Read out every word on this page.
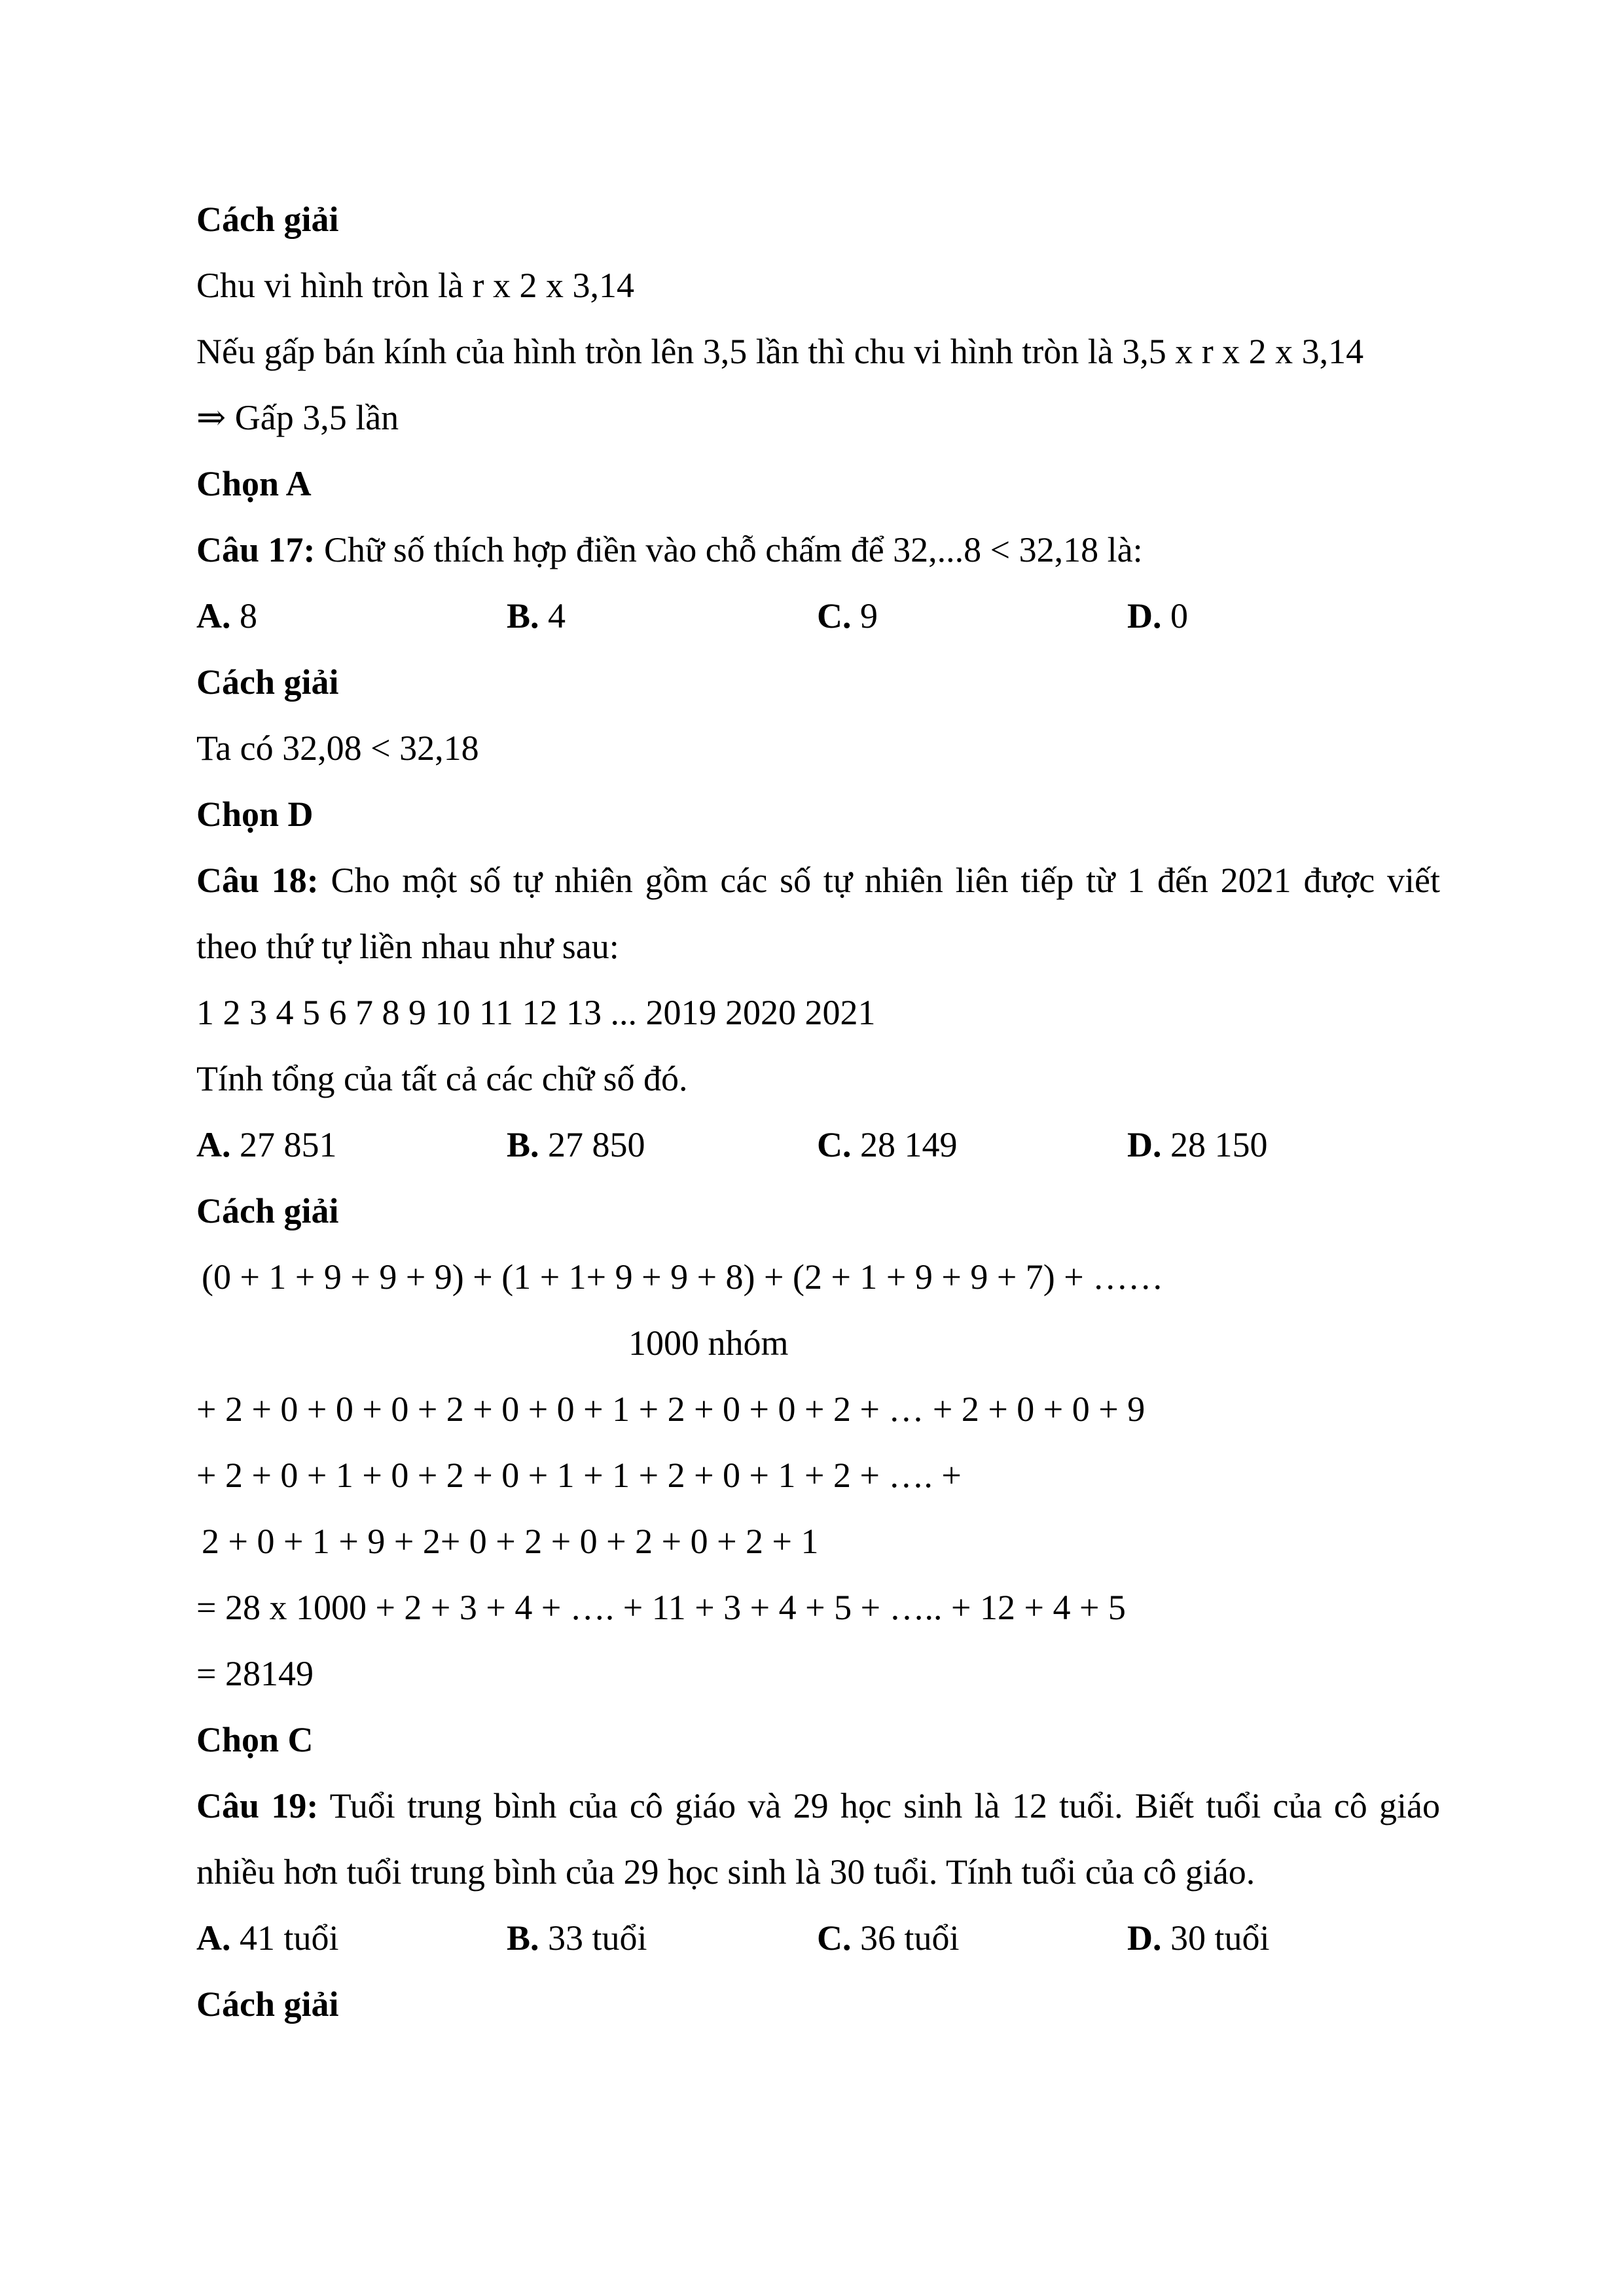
Cách giải
Chu vi hình tròn là r x 2 x 3,14
Nếu gấp bán kính của hình tròn lên 3,5 lần thì chu vi hình tròn là 3,5 x r x 2 x 3,14
⇒ Gấp 3,5 lần
Chọn A
Câu 17: Chữ số thích hợp điền vào chỗ chấm để 32,...8 < 32,18 là:
A. 8	B. 4	C. 9	D. 0
Cách giải
Ta có 32,08 < 32,18
Chọn D
Câu 18: Cho một số tự nhiên gồm các số tự nhiên liên tiếp từ 1 đến 2021 được viết theo thứ tự liền nhau như sau:
1 2 3 4 5 6 7 8 9 10 11 12 13 ... 2019 2020 2021
Tính tổng của tất cả các chữ số đó.
A. 27 851	B. 27 850	C. 28 149	D. 28 150
Cách giải
(0 + 1 + 9 + 9 + 9) + (1 + 1+ 9 + 9 + 8) + (2 + 1 + 9 + 9 + 7) + ……
1000 nhóm
+ 2 + 0 + 0 + 0 + 2 + 0 + 0 + 1 + 2 + 0 + 0 + 2 + … + 2 + 0 + 0 + 9
+ 2 + 0 + 1 + 0 + 2 + 0 + 1 + 1 + 2 + 0 + 1 + 2 + …. +
2 + 0 + 1 + 9 + 2+ 0 + 2 + 0 + 2 + 0 + 2 + 1
= 28 x 1000 + 2 + 3 + 4 + …. + 11 + 3 + 4 + 5 + ….. + 12 + 4 + 5
= 28149
Chọn C
Câu 19: Tuổi trung bình của cô giáo và 29 học sinh là 12 tuổi. Biết tuổi của cô giáo nhiều hơn tuổi trung bình của 29 học sinh là 30 tuổi. Tính tuổi của cô giáo.
A. 41 tuổi	B. 33 tuổi	C. 36 tuổi	D. 30 tuổi
Cách giải
